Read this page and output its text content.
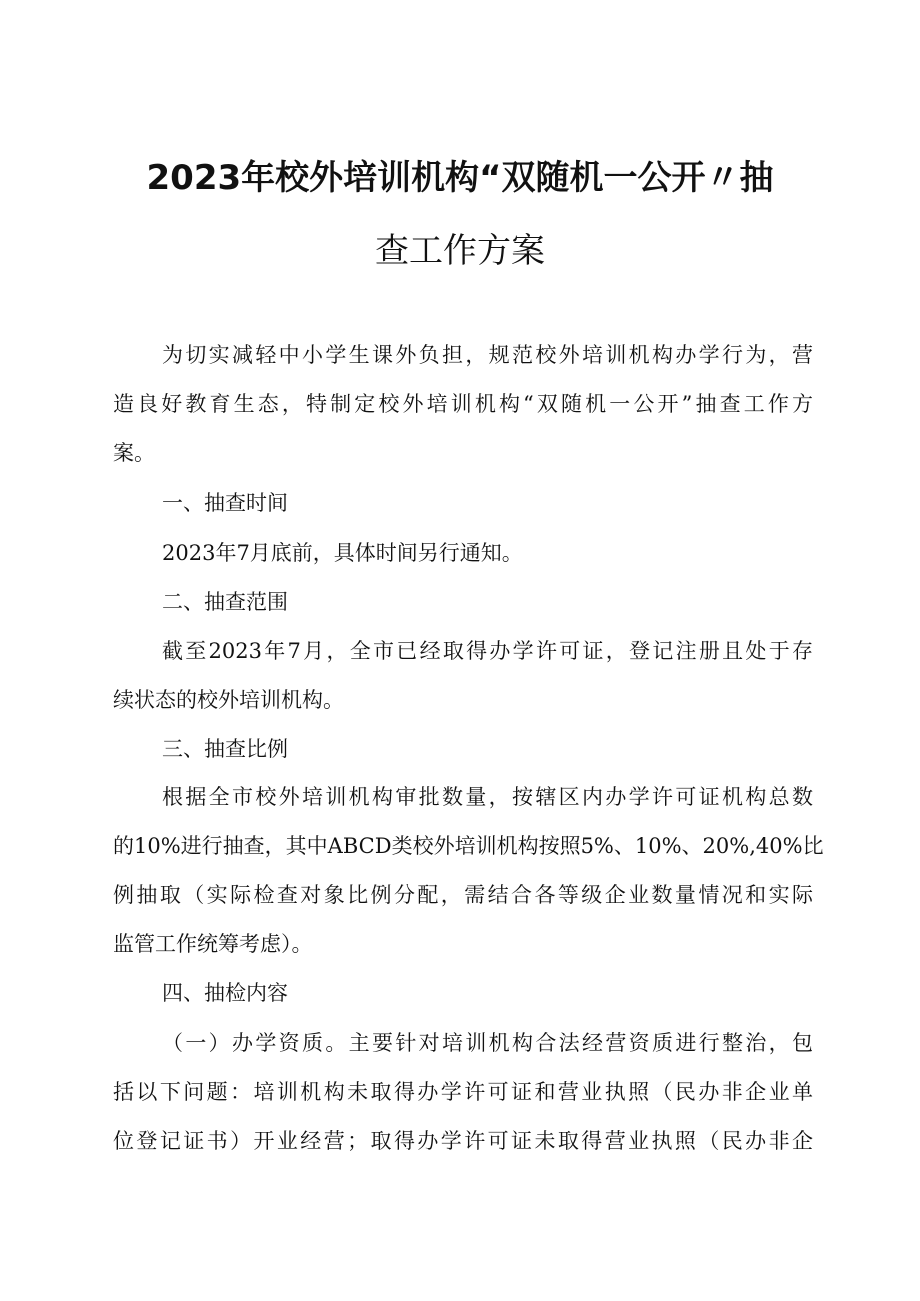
2023年校外培训机构“双随机一公开〃抽
查工作方案
为切实减轻中小学生课外负担，规范校外培训机构办学行为，营
造良好教育生态，特制定校外培训机构“双随机一公开”抽查工作方
案。
一、抽查时间
2023年7月底前，具体时间另行通知。
二、抽查范围
截至2023年7月，全市已经取得办学许可证，登记注册且处于存
续状态的校外培训机构。
三、抽查比例
根据全市校外培训机构审批数量，按辖区内办学许可证机构总数
的10%进行抽查，其中ABCD类校外培训机构按照5%、10%、20%,40%比
例抽取（实际检查对象比例分配，需结合各等级企业数量情况和实际
监管工作统筹考虑）。
四、抽检内容
（一）办学资质。主要针对培训机构合法经营资质进行整治，包
括以下问题：培训机构未取得办学许可证和营业执照（民办非企业单
位登记证书）开业经营；取得办学许可证未取得营业执照（民办非企
